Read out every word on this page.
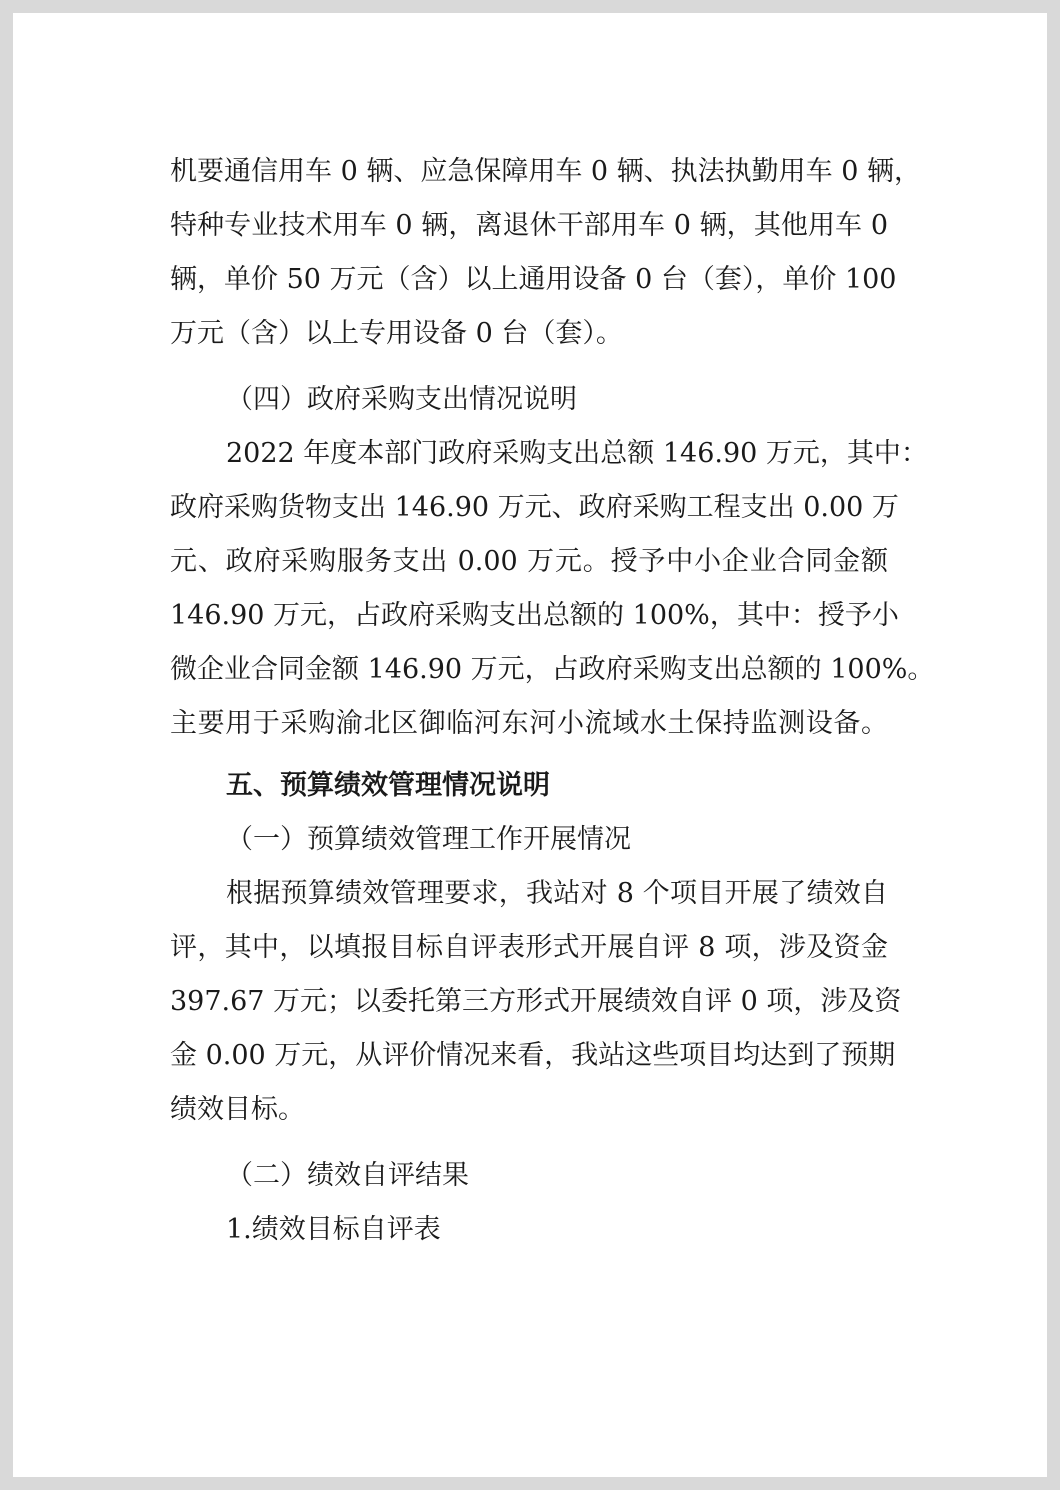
机要通信用车 0 辆、应急保障用车 0 辆、执法执勤用车 0 辆，
特种专业技术用车 0 辆，离退休干部用车 0 辆，其他用车 0
辆，单价 50 万元（含）以上通用设备 0 台（套），单价 100
万元（含）以上专用设备 0 台（套）。
（四）政府采购支出情况说明
2022 年度本部门政府采购支出总额 146.90 万元，其中：
政府采购货物支出 146.90 万元、政府采购工程支出 0.00 万
元、政府采购服务支出 0.00 万元。授予中小企业合同金额
146.90 万元，占政府采购支出总额的 100%，其中：授予小
微企业合同金额 146.90 万元，占政府采购支出总额的 100%。
主要用于采购渝北区御临河东河小流域水土保持监测设备。
五、预算绩效管理情况说明
（一）预算绩效管理工作开展情况
根据预算绩效管理要求，我站对 8 个项目开展了绩效自
评，其中，以填报目标自评表形式开展自评 8 项，涉及资金
397.67 万元；以委托第三方形式开展绩效自评 0 项，涉及资
金 0.00 万元，从评价情况来看，我站这些项目均达到了预期
绩效目标。
（二）绩效自评结果
1.绩效目标自评表
